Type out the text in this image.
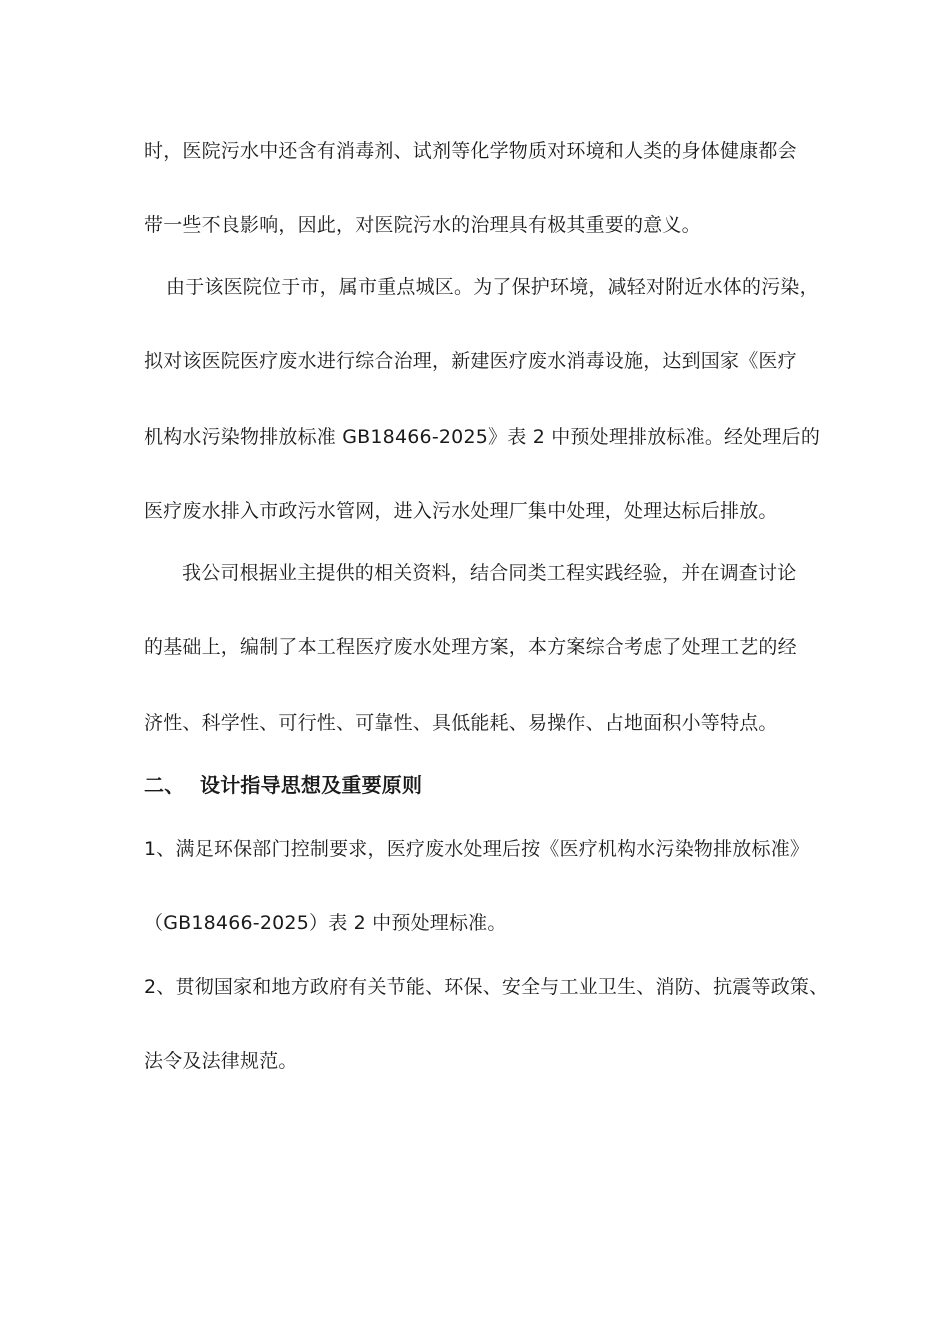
时，医院污水中还含有消毒剂、试剂等化学物质对环境和人类的身体健康都会
带一些不良影响，因此，对医院污水的治理具有极其重要的意义。
由于该医院位于市，属市重点城区。为了保护环境，减轻对附近水体的污染，
拟对该医院医疗废水进行综合治理，新建医疗废水消毒设施，达到国家《医疗
机构水污染物排放标准 GB18466-2025》表 2 中预处理排放标准。经处理后的
医疗废水排入市政污水管网，进入污水处理厂集中处理，处理达标后排放。
我公司根据业主提供的相关资料，结合同类工程实践经验，并在调查讨论
的基础上，编制了本工程医疗废水处理方案，本方案综合考虑了处理工艺的经
济性、科学性、可行性、可靠性、具低能耗、易操作、占地面积小等特点。
二、 设计指导思想及重要原则
1、满足环保部门控制要求，医疗废水处理后按《医疗机构水污染物排放标准》
（GB18466-2025）表 2 中预处理标准。
2、贯彻国家和地方政府有关节能、环保、安全与工业卫生、消防、抗震等政策、
法令及法律规范。
